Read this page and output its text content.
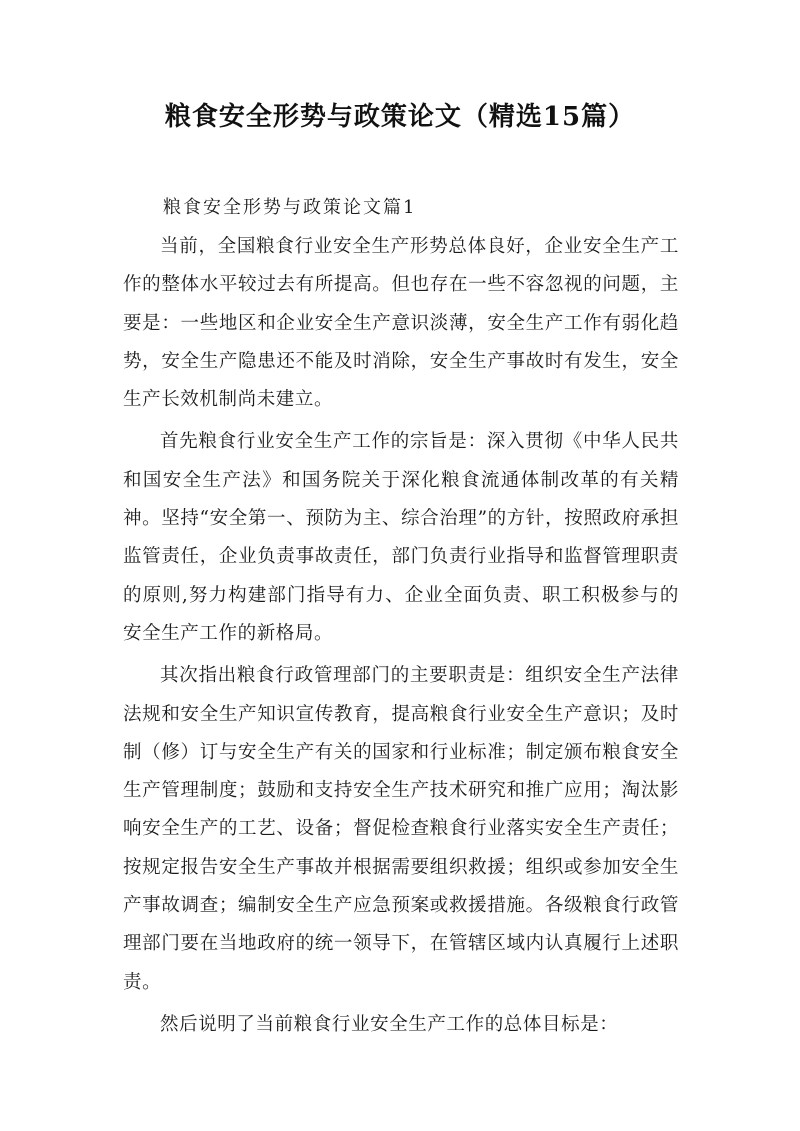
粮食安全形势与政策论文（精选15篇）

粮食安全形势与政策论文篇1

当前，全国粮食行业安全生产形势总体良好，企业安全生产工作的整体水平较过去有所提高。但也存在一些不容忽视的问题，主要是：一些地区和企业安全生产意识淡薄，安全生产工作有弱化趋势，安全生产隐患还不能及时消除，安全生产事故时有发生，安全生产长效机制尚未建立。

首先粮食行业安全生产工作的宗旨是：深入贯彻《中华人民共和国安全生产法》和国务院关于深化粮食流通体制改革的有关精神。坚持“安全第一、预防为主、综合治理”的方针，按照政府承担监管责任，企业负责事故责任，部门负责行业指导和监督管理职责的原则,努力构建部门指导有力、企业全面负责、职工积极参与的安全生产工作的新格局。

其次指出粮食行政管理部门的主要职责是：组织安全生产法律法规和安全生产知识宣传教育，提高粮食行业安全生产意识；及时制（修）订与安全生产有关的国家和行业标准；制定颁布粮食安全生产管理制度；鼓励和支持安全生产技术研究和推广应用；淘汰影响安全生产的工艺、设备；督促检查粮食行业落实安全生产责任；按规定报告安全生产事故并根据需要组织救援；组织或参加安全生产事故调查；编制安全生产应急预案或救援措施。各级粮食行政管理部门要在当地政府的统一领导下，在管辖区域内认真履行上述职责。

然后说明了当前粮食行业安全生产工作的总体目标是：
